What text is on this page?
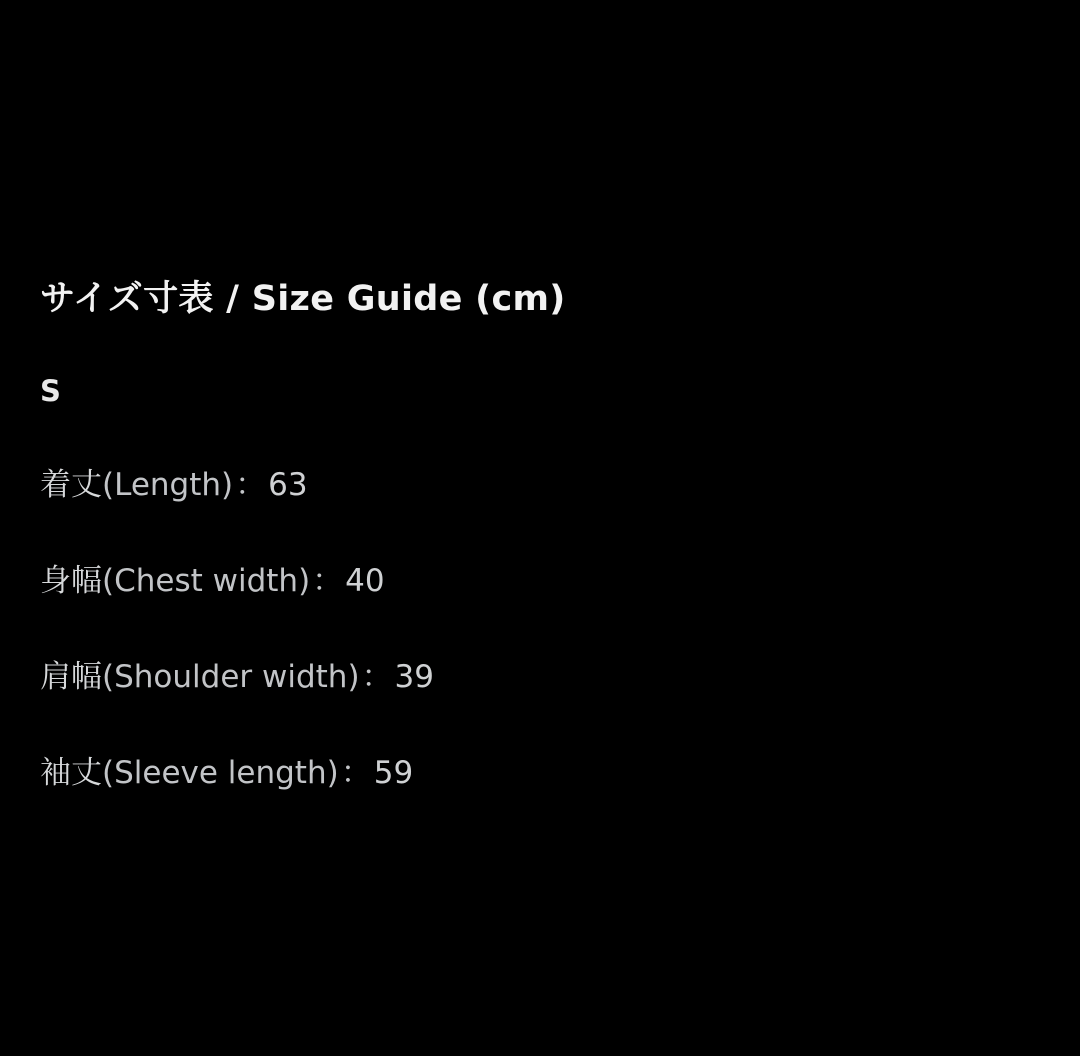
サイズ寸表 / Size Guide (cm)
S
着丈(Length)：63
身幅(Chest width)：40
肩幅(Shoulder width)：39
袖丈(Sleeve length)：59
